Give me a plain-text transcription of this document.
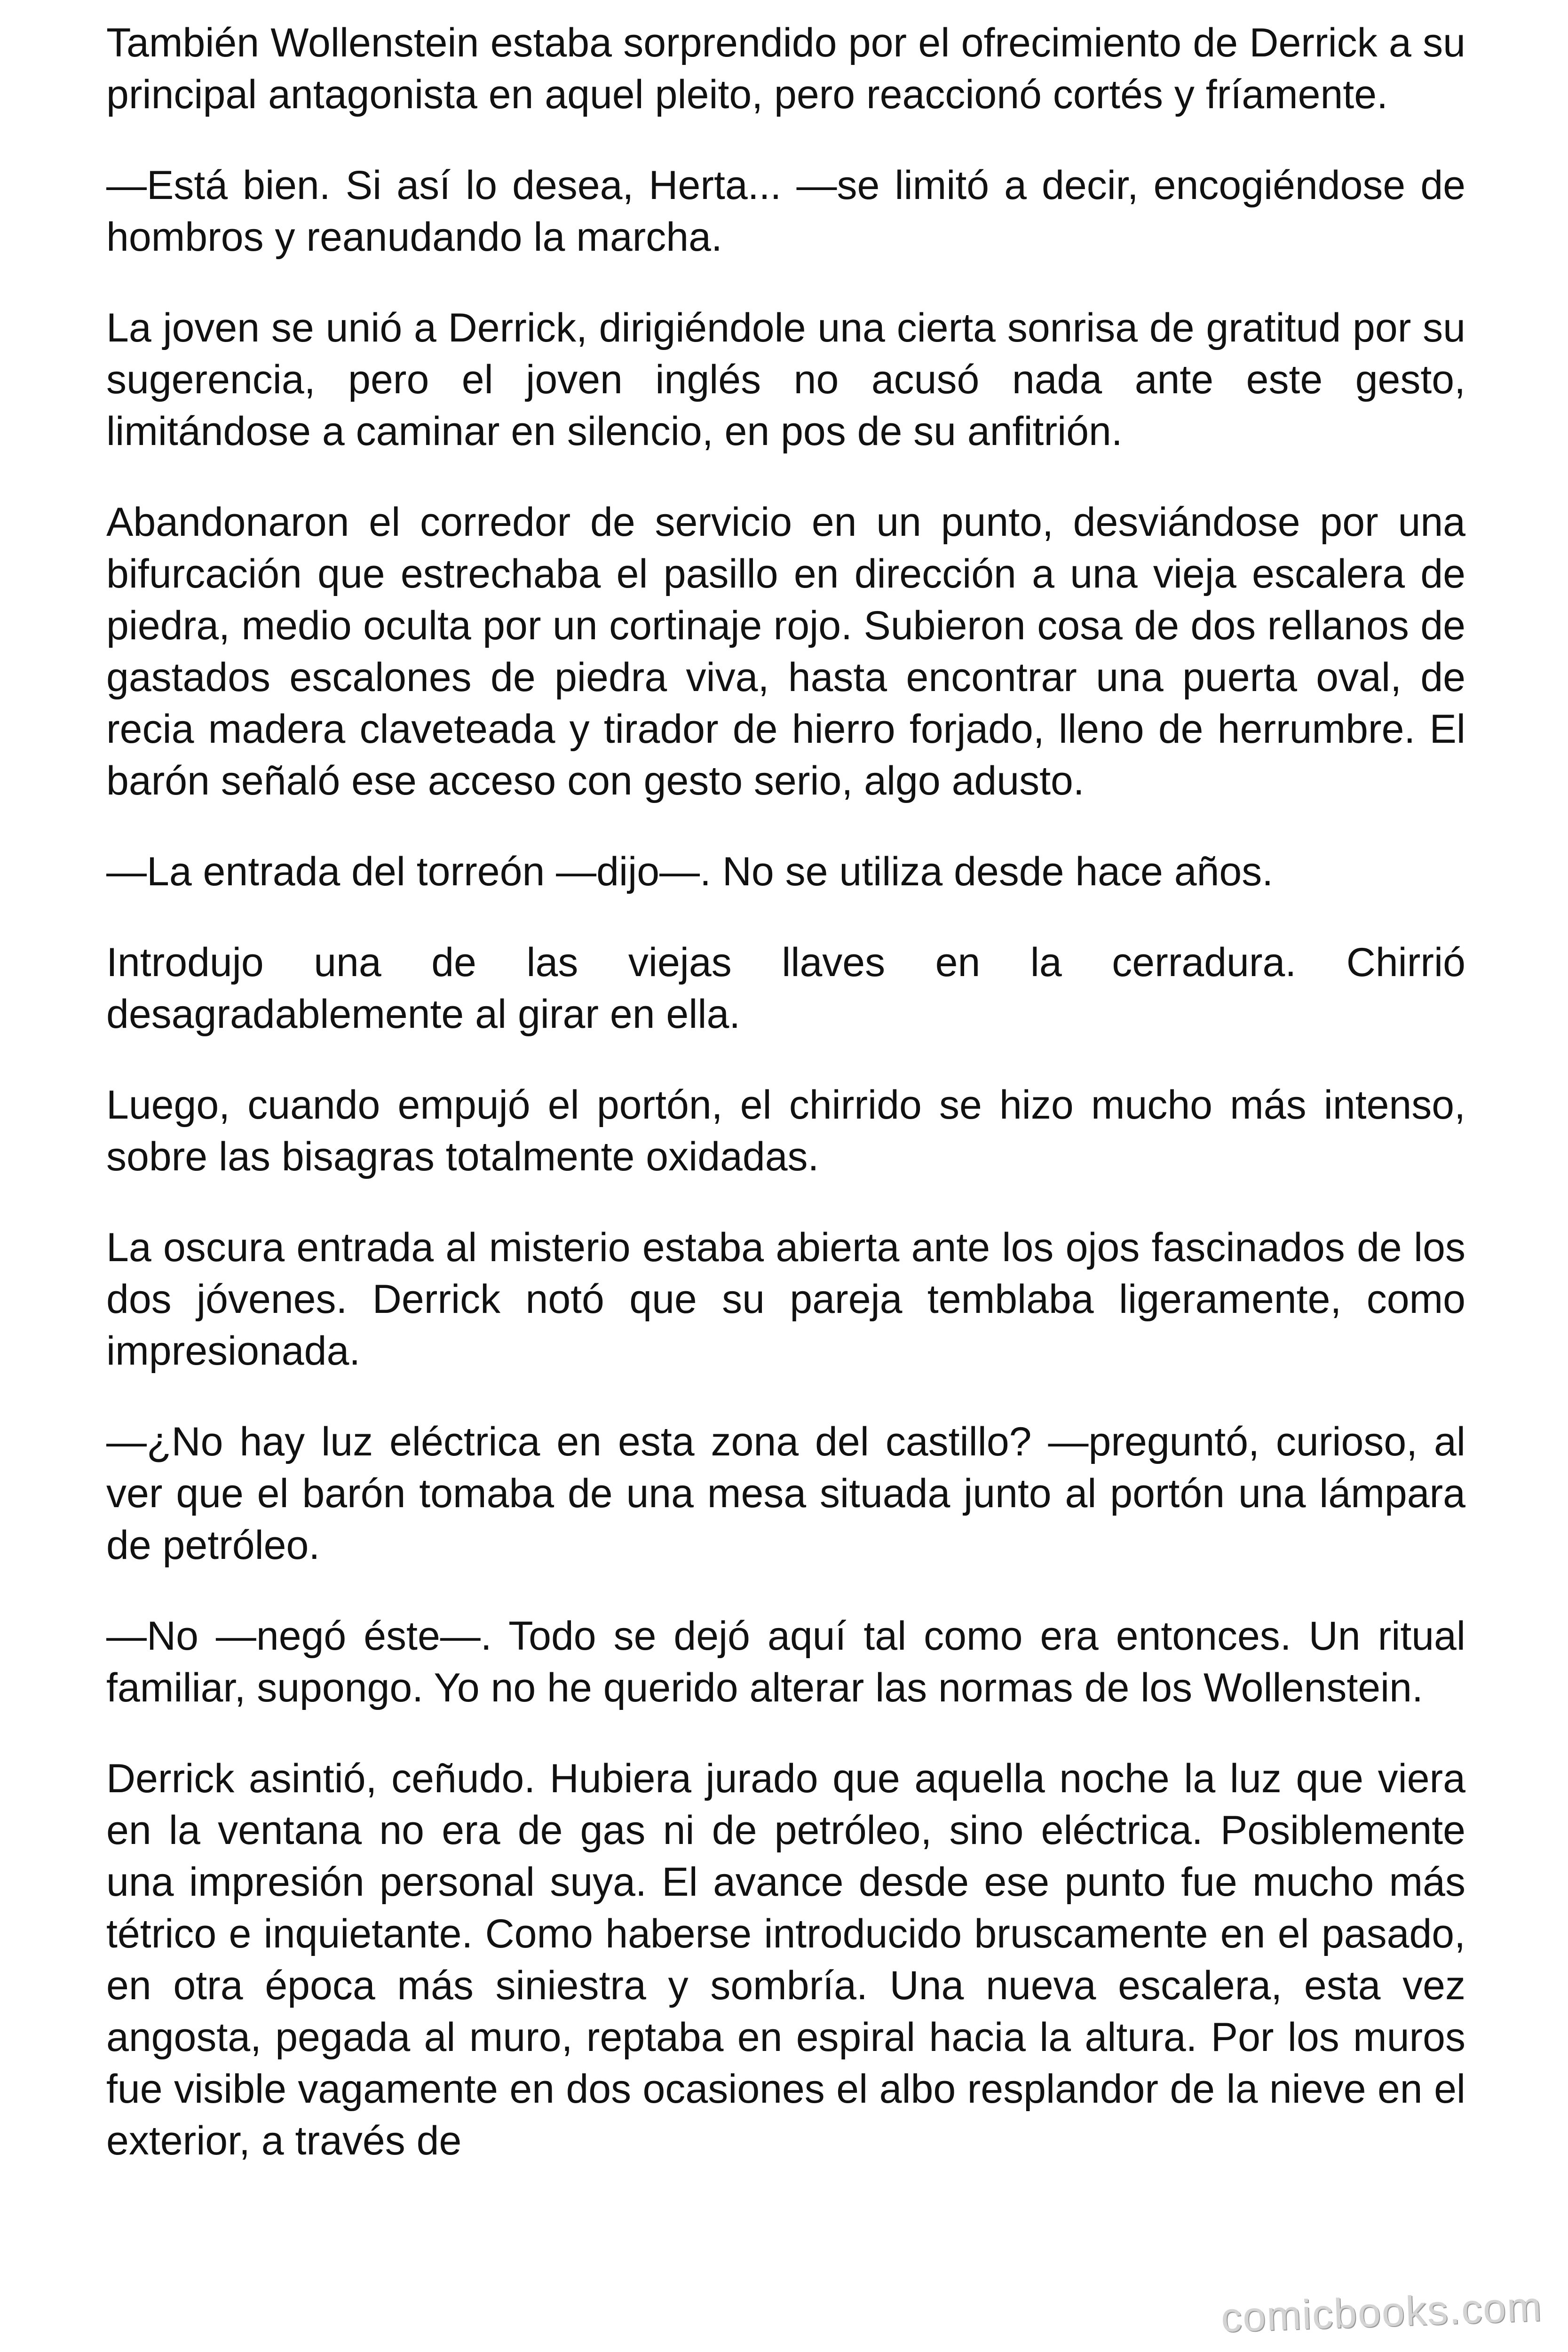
También Wollenstein estaba sorprendido por el ofrecimiento de Derrick a su principal antagonista en aquel pleito, pero reaccionó cortés y fríamente.

—Está bien. Si así lo desea, Herta... —se limitó a decir, encogiéndose de hombros y reanudando la marcha.

La joven se unió a Derrick, dirigiéndole una cierta sonrisa de gratitud por su sugerencia, pero el joven inglés no acusó nada ante este gesto, limitándose a caminar en silencio, en pos de su anfitrión.

Abandonaron el corredor de servicio en un punto, desviándose por una bifurcación que estrechaba el pasillo en dirección a una vieja escalera de piedra, medio oculta por un cortinaje rojo. Subieron cosa de dos rellanos de gastados escalones de piedra viva, hasta encontrar una puerta oval, de recia madera claveteada y tirador de hierro forjado, lleno de herrumbre. El barón señaló ese acceso con gesto serio, algo adusto.

—La entrada del torreón —dijo—. No se utiliza desde hace años.

Introdujo una de las viejas llaves en la cerradura. Chirrió desagradablemente al girar en ella.

Luego, cuando empujó el portón, el chirrido se hizo mucho más intenso, sobre las bisagras totalmente oxidadas.

La oscura entrada al misterio estaba abierta ante los ojos fascinados de los dos jóvenes. Derrick notó que su pareja temblaba ligeramente, como impresionada.

—¿No hay luz eléctrica en esta zona del castillo? —preguntó, curioso, al ver que el barón tomaba de una mesa situada junto al portón una lámpara de petróleo.

—No —negó éste—. Todo se dejó aquí tal como era entonces. Un ritual familiar, supongo. Yo no he querido alterar las normas de los Wollenstein.

Derrick asintió, ceñudo. Hubiera jurado que aquella noche la luz que viera en la ventana no era de gas ni de petróleo, sino eléctrica. Posiblemente una impresión personal suya. El avance desde ese punto fue mucho más tétrico e inquietante. Como haberse introducido bruscamente en el pasado, en otra época más siniestra y sombría. Una nueva escalera, esta vez angosta, pegada al muro, reptaba en espiral hacia la altura. Por los muros fue visible vagamente en dos ocasiones el albo resplandor de la nieve en el exterior, a través de

comicbooks.com
